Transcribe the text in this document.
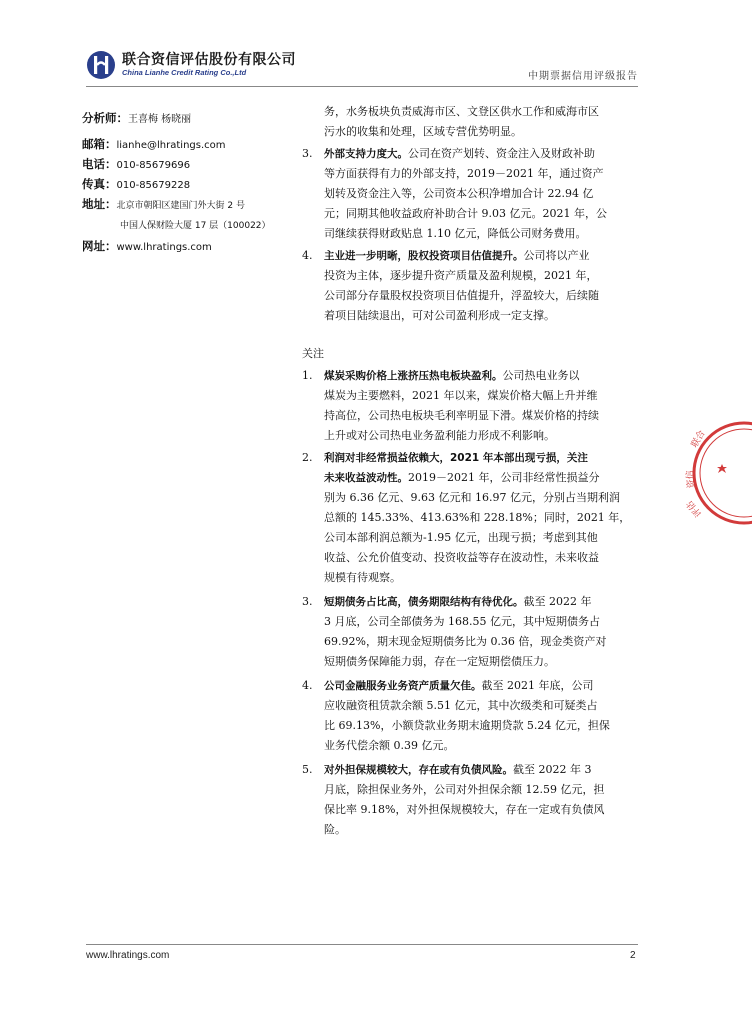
联合资信评估股份有限公司
China Lianhe Credit Rating Co.,Ltd	中期票据信用评级报告
分析师：王喜梅 杨晓丽
邮箱：lianhe@lhratings.com
电话：010-85679696
传真：010-85679228
地址：北京市朝阳区建国门外大街 2 号
中国人保财险大厦 17 层（100022）
网址：www.lhratings.com
务，水务板块负责威海市区、文登区供水工作和威海市区
污水的收集和处理，区域专营优势明显。
3. 外部支持力度大。公司在资产划转、资金注入及财政补助
等方面获得有力的外部支持，2019－2021 年，通过资产
划转及资金注入等，公司资本公积净增加合计 22.94 亿
元；同期其他收益政府补助合计 9.03 亿元。2021 年，公
司继续获得财政贴息 1.10 亿元，降低公司财务费用。
4. 主业进一步明晰，股权投资项目估值提升。公司将以产业
投资为主体，逐步提升资产质量及盈利规模，2021 年，
公司部分存量股权投资项目估值提升，浮盈较大，后续随
着项目陆续退出，可对公司盈利形成一定支撑。
关注
1. 煤炭采购价格上涨挤压热电板块盈利。公司热电业务以
煤炭为主要燃料，2021 年以来，煤炭价格大幅上升并维
持高位，公司热电板块毛利率明显下滑。煤炭价格的持续
上升或对公司热电业务盈利能力形成不利影响。
2. 利润对非经常损益依赖大，2021 年本部出现亏损，关注
未来收益波动性。2019－2021 年，公司非经常性损益分
别为 6.36 亿元、9.63 亿元和 16.97 亿元，分别占当期利润
总额的 145.33%、413.63%和 228.18%；同时，2021 年，
公司本部利润总额为-1.95 亿元，出现亏损；考虑到其他
收益、公允价值变动、投资收益等存在波动性，未来收益
规模有待观察。
3. 短期债务占比高，债务期限结构有待优化。截至 2022 年
3 月底，公司全部债务为 168.55 亿元，其中短期债务占
69.92%，期末现金短期债务比为 0.36 倍，现金类资产对
短期债务保障能力弱，存在一定短期偿债压力。
4. 公司金融服务业务资产质量欠佳。截至 2021 年底，公司
应收融资租赁款余额 5.51 亿元，其中次级类和可疑类占
比 69.13%，小额贷款业务期末逾期贷款 5.24 亿元，担保
业务代偿余额 0.39 亿元。
5. 对外担保规模较大，存在或有负债风险。截至 2022 年 3
月底，除担保业务外，公司对外担保余额 12.59 亿元，担
保比率 9.18%，对外担保规模较大，存在一定或有负债风
险。
联合
资信
评估
www.lhratings.com	2
